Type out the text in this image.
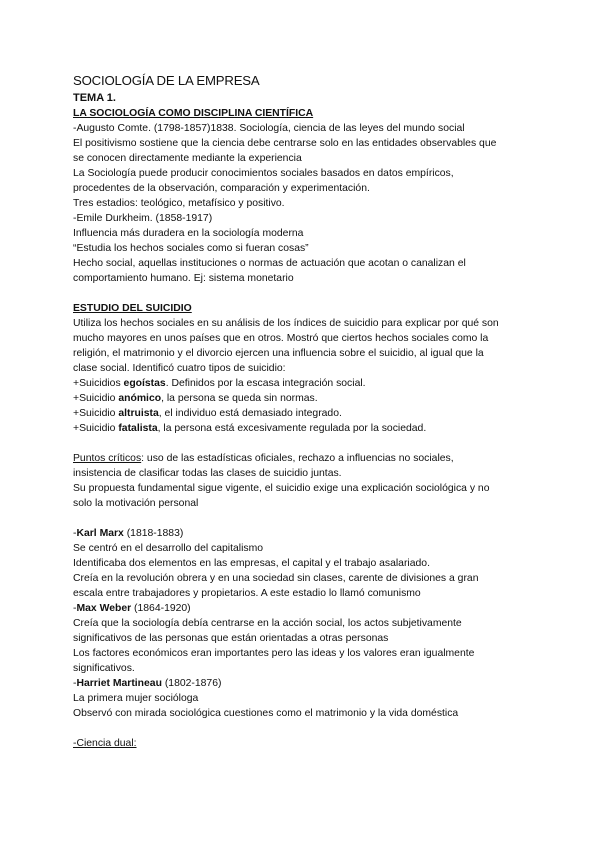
SOCIOLOGÍA DE LA EMPRESA

TEMA 1.

LA SOCIOLOGÍA COMO DISCIPLINA CIENTÍFICA

-Augusto Comte. (1798-1857)1838. Sociología, ciencia de las leyes del mundo social

El positivismo sostiene que la ciencia debe centrarse solo en las entidades observables que

se conocen directamente mediante la experiencia

La Sociología puede producir conocimientos sociales basados en datos empíricos,

procedentes de la observación, comparación y experimentación.

Tres estadios: teológico, metafísico y positivo.

-Emile Durkheim. (1858-1917)

Influencia más duradera en la sociología moderna

“Estudia los hechos sociales como si fueran cosas”

Hecho social, aquellas instituciones o normas de actuación que acotan o canalizan el

comportamiento humano. Ej: sistema monetario

ESTUDIO DEL SUICIDIO

Utiliza los hechos sociales en su análisis de los índices de suicidio para explicar por qué son

mucho mayores en unos países que en otros. Mostró que ciertos hechos sociales como la

religión, el matrimonio y el divorcio ejercen una influencia sobre el suicidio, al igual que la

clase social. Identificó cuatro tipos de suicidio:

+Suicidios egoístas. Definidos por la escasa integración social.

+Suicidio anómico, la persona se queda sin normas.

+Suicidio altruista, el individuo está demasiado integrado.

+Suicidio fatalista, la persona está excesivamente regulada por la sociedad.

Puntos críticos: uso de las estadísticas oficiales, rechazo a influencias no sociales,

insistencia de clasificar todas las clases de suicidio juntas.

Su propuesta fundamental sigue vigente, el suicidio exige una explicación sociológica y no

solo la motivación personal

-Karl Marx (1818-1883)

Se centró en el desarrollo del capitalismo

Identificaba dos elementos en las empresas, el capital y el trabajo asalariado.

Creía en la revolución obrera y en una sociedad sin clases, carente de divisiones a gran

escala entre trabajadores y propietarios. A este estadio lo llamó comunismo

-Max Weber (1864-1920)

Creía que la sociología debía centrarse en la acción social, los actos subjetivamente

significativos de las personas que están orientadas a otras personas

Los factores económicos eran importantes pero las ideas y los valores eran igualmente

significativos.

-Harriet Martineau (1802-1876)

La primera mujer socióloga

Observó con mirada sociológica cuestiones como el matrimonio y la vida doméstica

-Ciencia dual:
